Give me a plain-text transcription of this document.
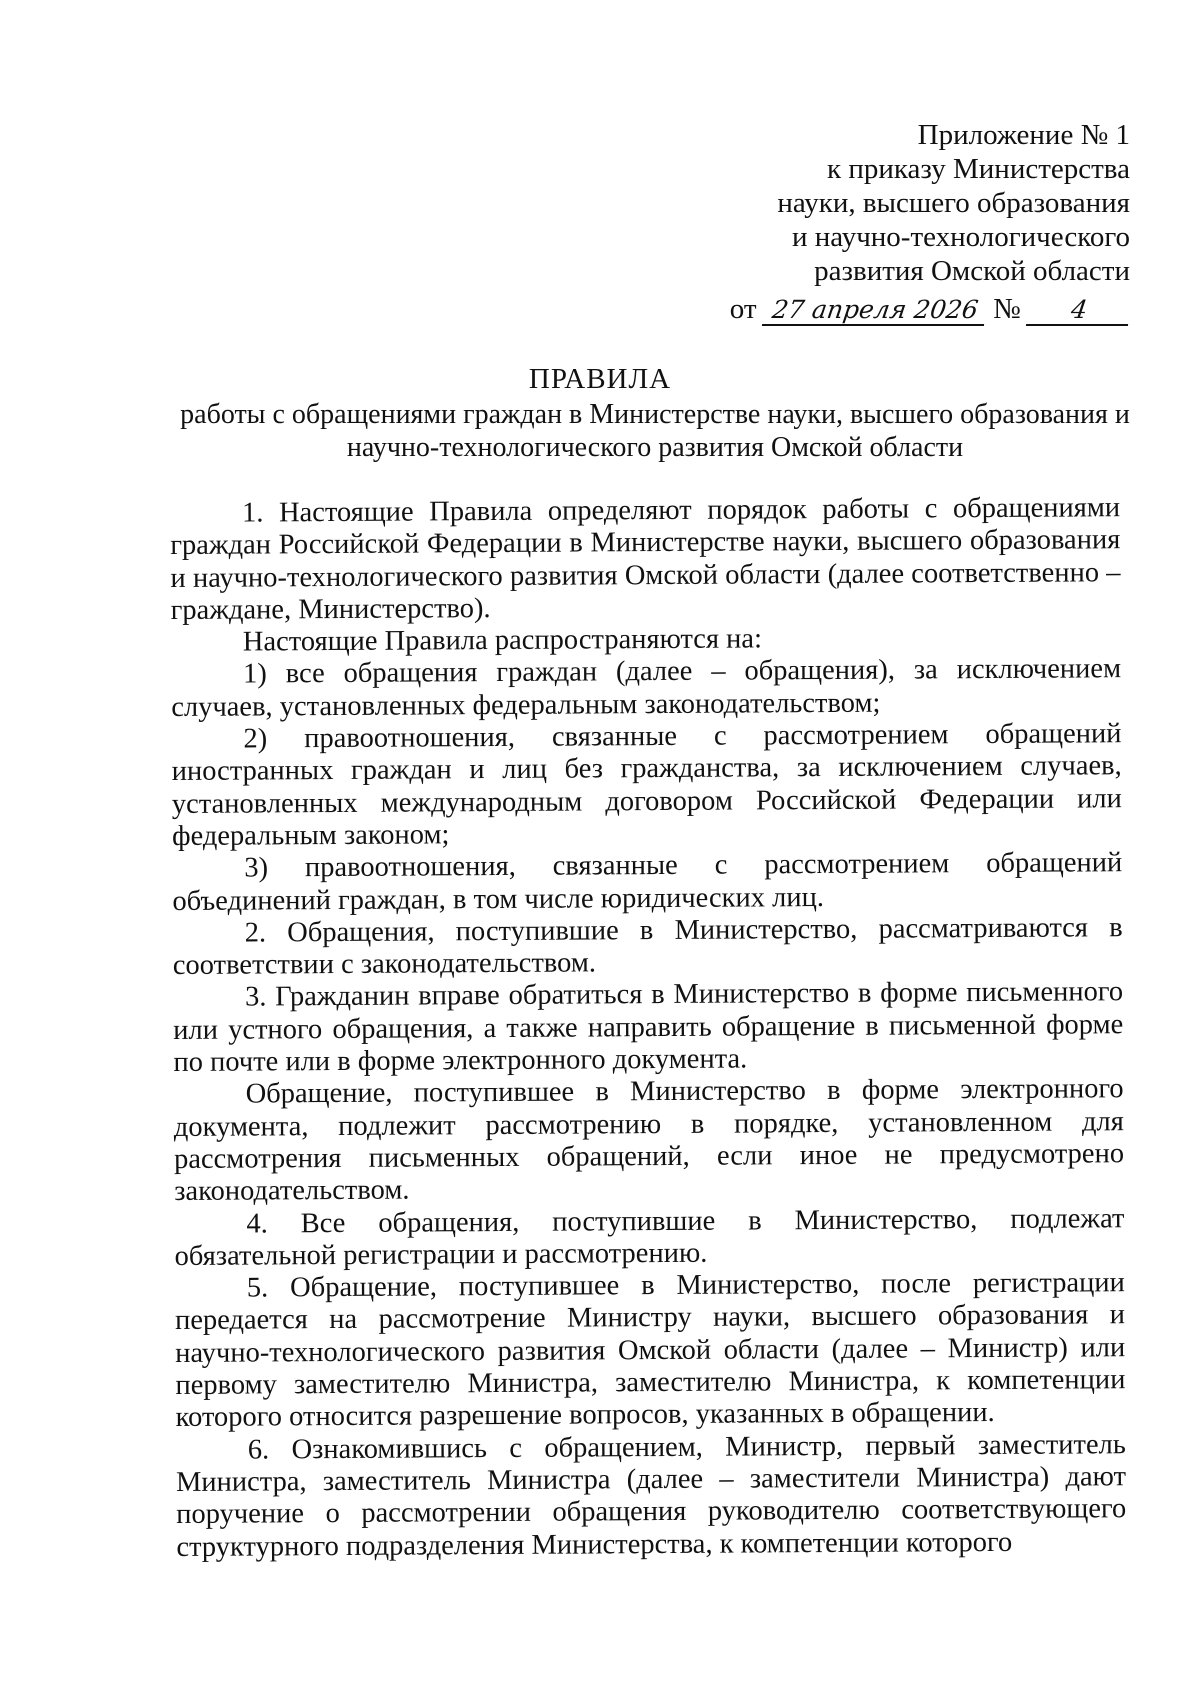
Приложение № 1
к приказу Министерства
науки, высшего образования
и научно-технологического
развития Омской области
от 27 апреля 2026 № 4
ПРАВИЛА
работы с обращениями граждан в Министерстве науки, высшего образования и научно-технологического развития Омской области

1. Настоящие Правила определяют порядок работы с обращениями граждан Российской Федерации в Министерстве науки, высшего образования и научно-технологического развития Омской области (далее соответственно – граждане, Министерство).

Настоящие Правила распространяются на:

1) все обращения граждан (далее – обращения), за исключением случаев, установленных федеральным законодательством;

2) правоотношения, связанные с рассмотрением обращений иностранных граждан и лиц без гражданства, за исключением случаев, установленных международным договором Российской Федерации или федеральным законом;

3) правоотношения, связанные с рассмотрением обращений объединений граждан, в том числе юридических лиц.

2. Обращения, поступившие в Министерство, рассматриваются в соответствии с законодательством.

3. Гражданин вправе обратиться в Министерство в форме письменного или устного обращения, а также направить обращение в письменной форме по почте или в форме электронного документа.

Обращение, поступившее в Министерство в форме электронного документа, подлежит рассмотрению в порядке, установленном для рассмотрения письменных обращений, если иное не предусмотрено законодательством.

4. Все обращения, поступившие в Министерство, подлежат обязательной регистрации и рассмотрению.

5. Обращение, поступившее в Министерство, после регистрации передается на рассмотрение Министру науки, высшего образования и научно-технологического развития Омской области (далее – Министр) или первому заместителю Министра, заместителю Министра, к компетенции которого относится разрешение вопросов, указанных в обращении.

6. Ознакомившись с обращением, Министр, первый заместитель Министра, заместитель Министра (далее – заместители Министра) дают поручение о рассмотрении обращения руководителю соответствующего структурного подразделения Министерства, к компетенции которого
